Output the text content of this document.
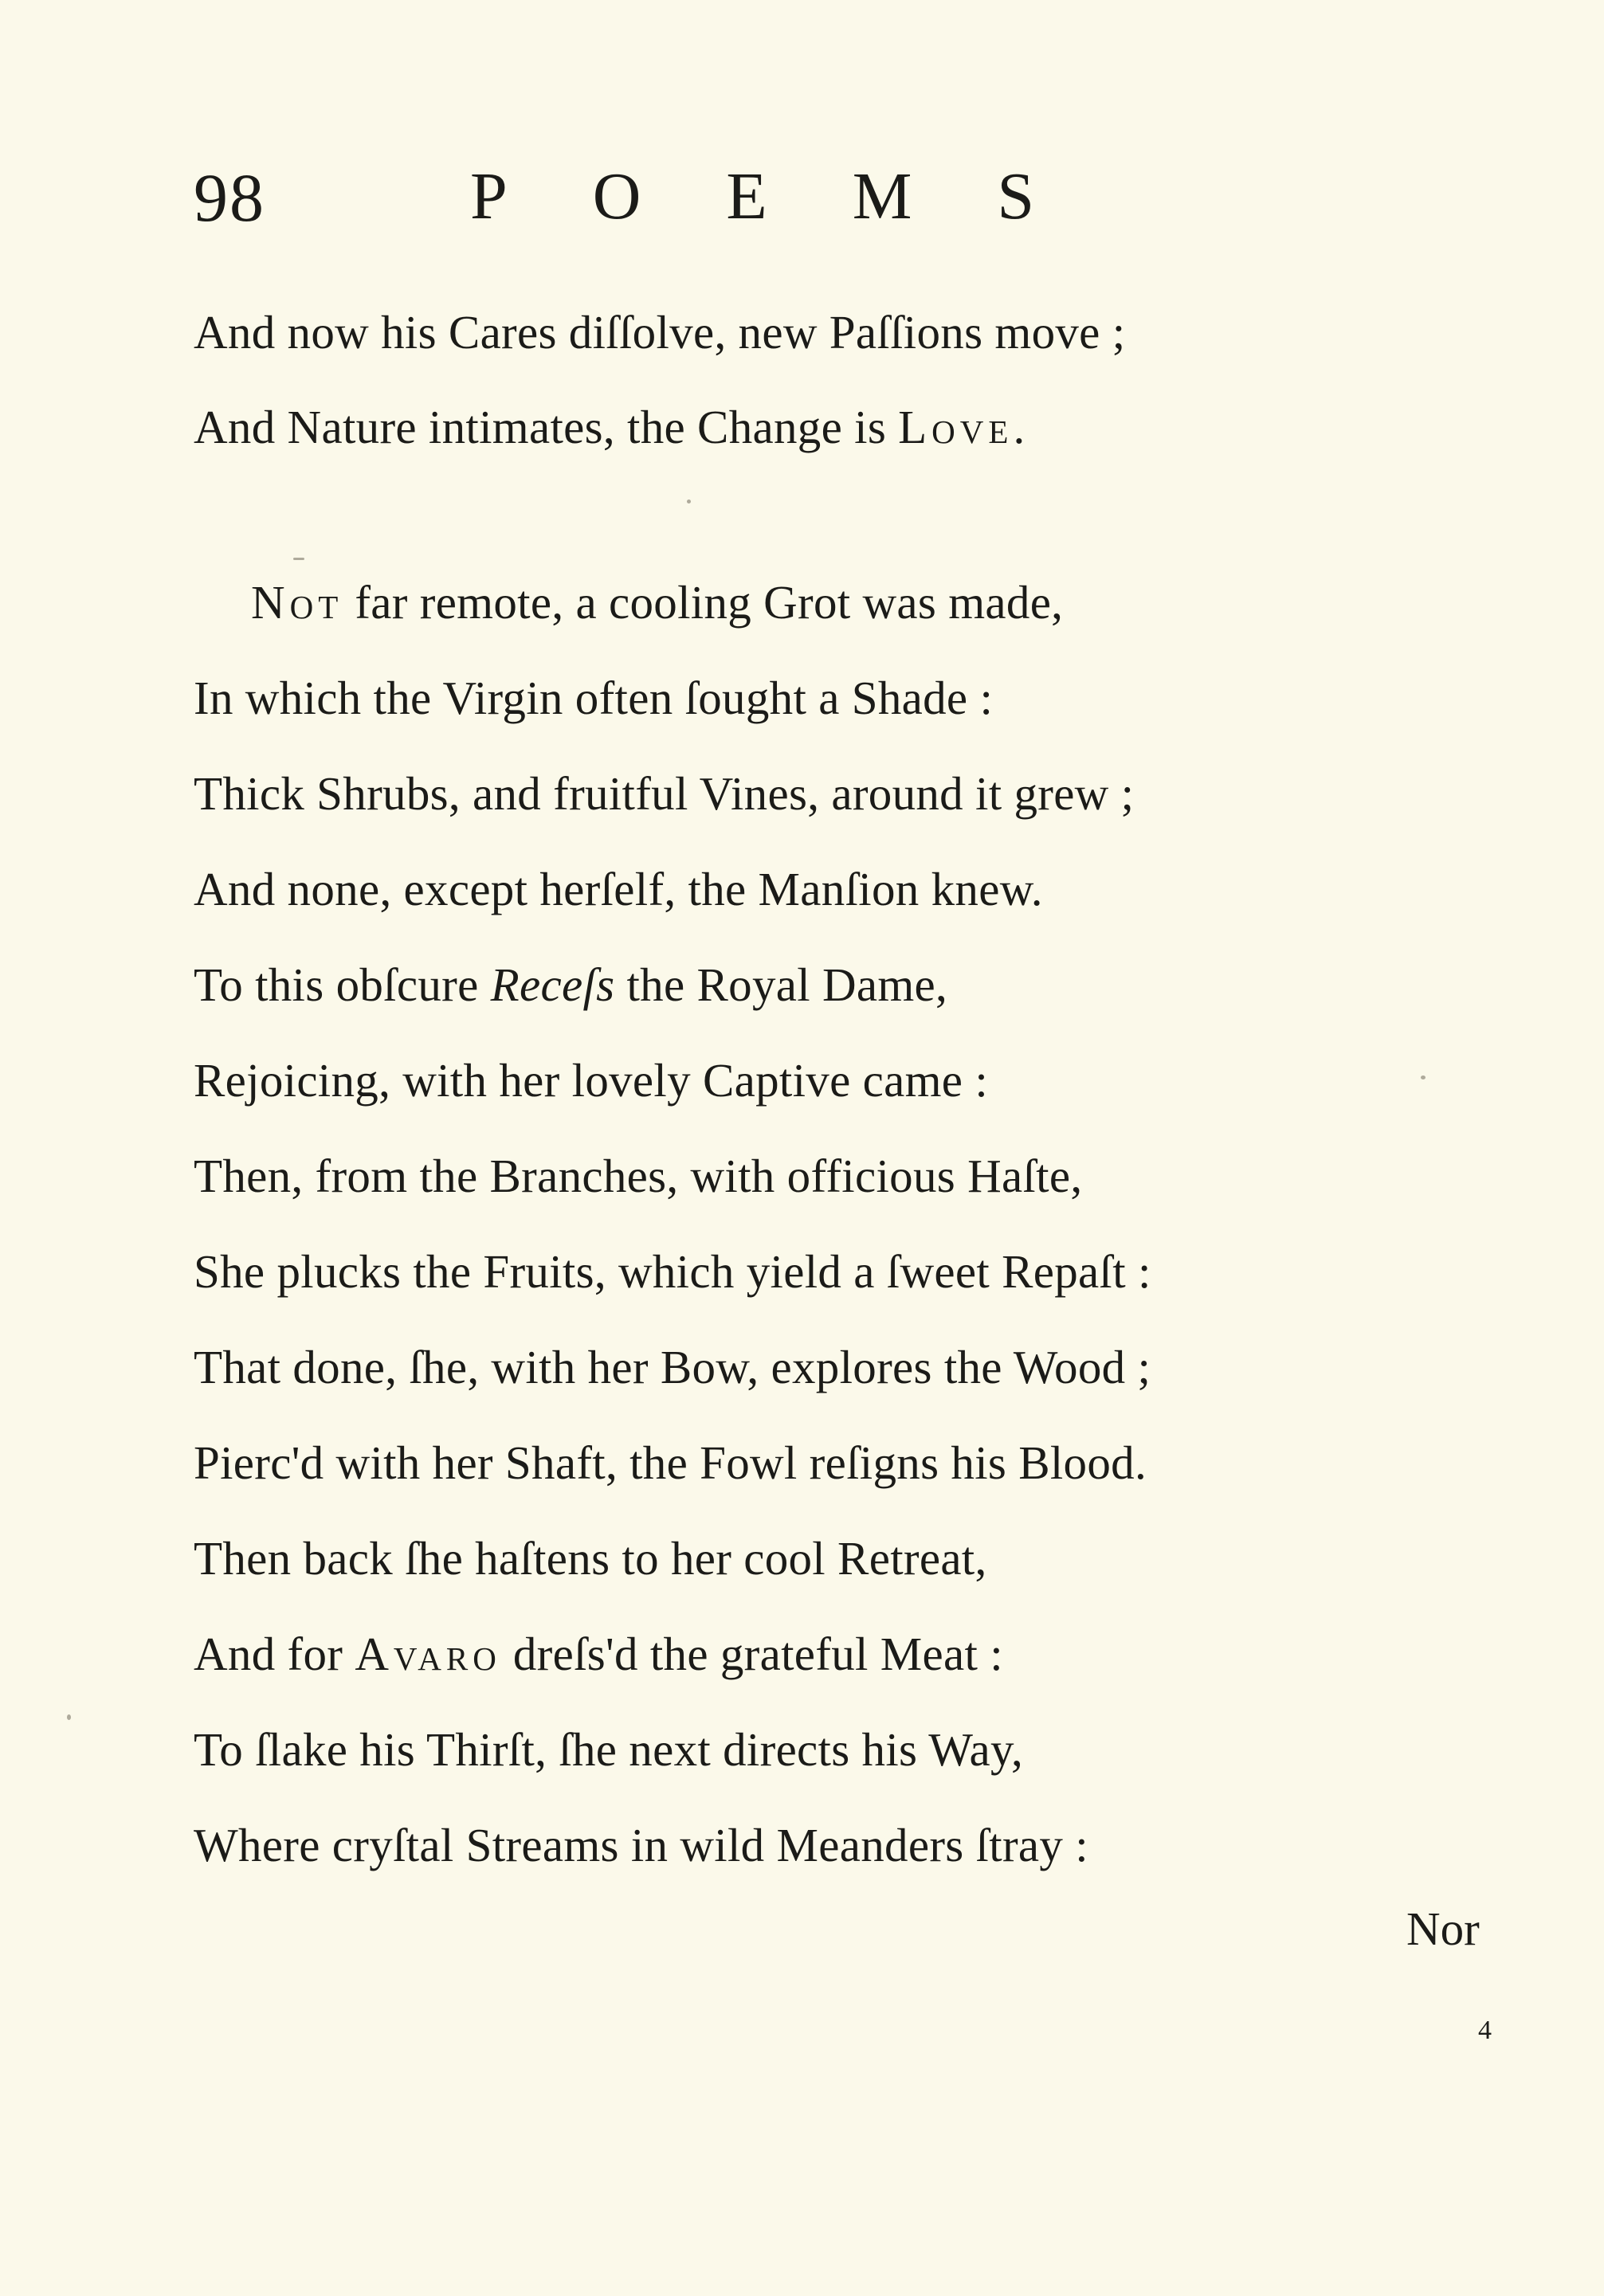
98	POEMS
And now his Cares diſſolve, new Paſſions move ;
And Nature intimates, the Change is Love.
Not far remote, a cooling Grot was made,
In which the Virgin often ſought a Shade :
Thick Shrubs, and fruitful Vines, around it grew ;
And none, except herſelf, the Manſion knew.
To this obſcure Receſs the Royal Dame,
Rejoicing, with her lovely Captive came :
Then, from the Branches, with officious Haſte,
She plucks the Fruits, which yield a ſweet Repaſt :
That done, ſhe, with her Bow, explores the Wood ;
Pierc'd with her Shaft, the Fowl reſigns his Blood.
Then back ſhe haſtens to her cool Retreat,
And for Avaro dreſs'd the grateful Meat :
To ſlake his Thirſt, ſhe next directs his Way,
Where cryſtal Streams in wild Meanders ſtray :
Nor
4
